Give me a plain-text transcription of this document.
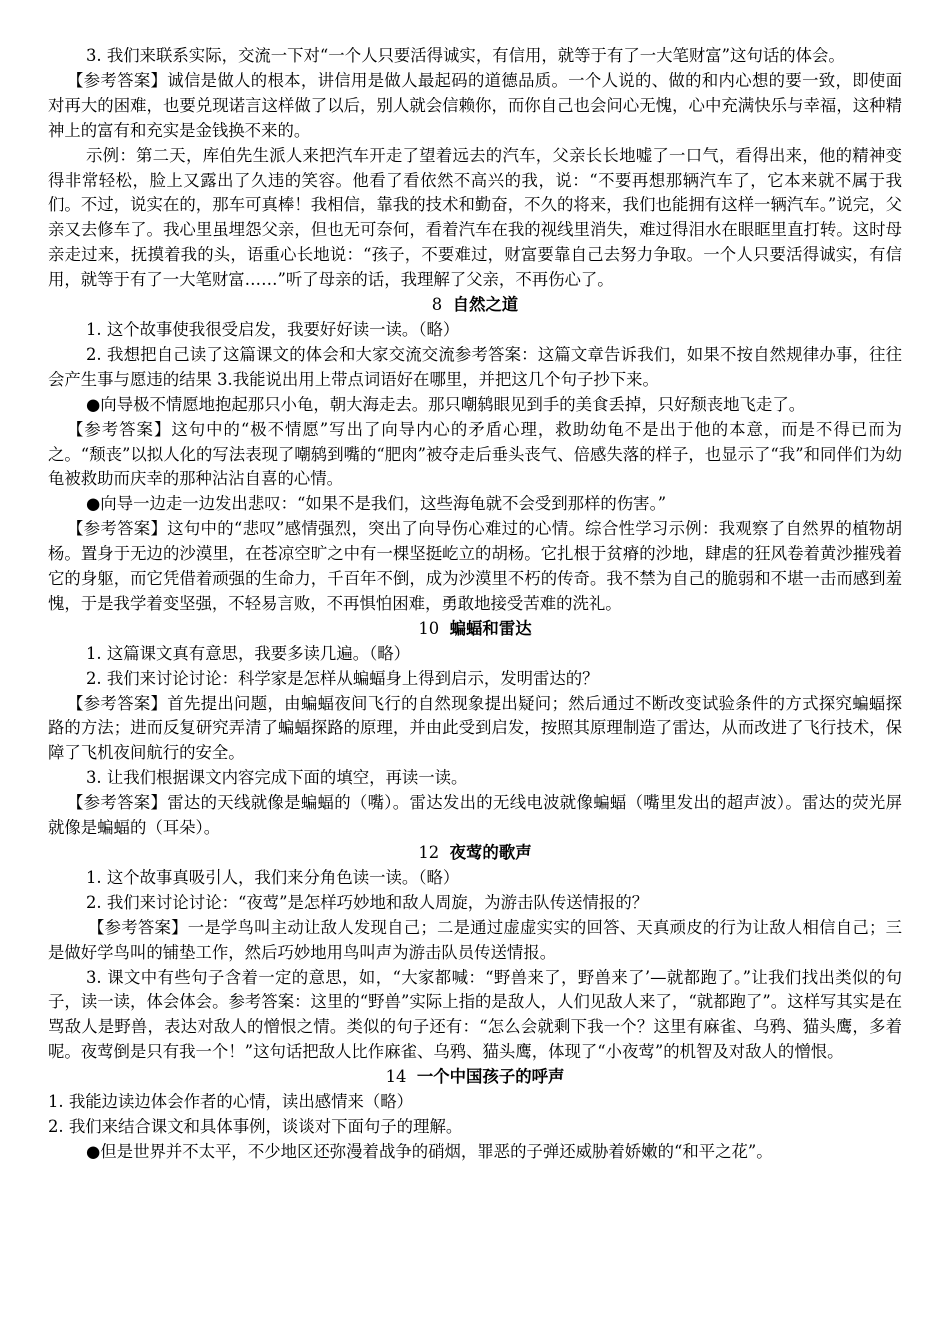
3. 我们来联系实际，交流一下对“一个人只要活得诚实，有信用，就等于有了一大笔财富”这句话的体会。

【参考答案】诚信是做人的根本，讲信用是做人最起码的道德品质。一个人说的、做的和内心想的要一致，即使面对再大的困难，也要兑现诺言这样做了以后，别人就会信赖你，而你自己也会问心无愧，心中充满快乐与幸福，这种精神上的富有和充实是金钱换不来的。

示例：第二天，库伯先生派人来把汽车开走了望着远去的汽车，父亲长长地嘘了一口气，看得出来，他的精神变得非常轻松，脸上又露出了久违的笑容。他看了看依然不高兴的我，说：“不要再想那辆汽车了，它本来就不属于我们。不过，说实在的，那车可真棒！我相信，靠我的技术和勤奋，不久的将来，我们也能拥有这样一辆汽车。”说完，父亲又去修车了。我心里虽埋怨父亲，但也无可奈何，看着汽车在我的视线里消失，难过得泪水在眼眶里直打转。这时母亲走过来，抚摸着我的头，语重心长地说：“孩子，不要难过，财富要靠自己去努力争取。一个人只要活得诚实，有信用，就等于有了一大笔财富……”听了母亲的话，我理解了父亲，不再伤心了。

8 自然之道

1. 这个故事使我很受启发，我要好好读一读。（略）

2. 我想把自己读了这篇课文的体会和大家交流交流参考答案：这篇文章告诉我们，如果不按自然规律办事，往往会产生事与愿违的结果 3.我能说出用上带点词语好在哪里，并把这几个句子抄下来。

●向导极不情愿地抱起那只小龟，朝大海走去。那只嘲鸫眼见到手的美食丢掉，只好颓丧地飞走了。

【参考答案】这句中的“极不情愿”写出了向导内心的矛盾心理，救助幼龟不是出于他的本意，而是不得已而为之。“颓丧”以拟人化的写法表现了嘲鸫到嘴的“肥肉”被夺走后垂头丧气、倍感失落的样子，也显示了“我”和同伴们为幼龟被救助而庆幸的那种沾沾自喜的心情。

●向导一边走一边发出悲叹：“如果不是我们，这些海龟就不会受到那样的伤害。”

【参考答案】这句中的“悲叹”感情强烈，突出了向导伤心难过的心情。综合性学习示例：我观察了自然界的植物胡杨。置身于无边的沙漠里，在苍凉空旷之中有一棵坚挺屹立的胡杨。它扎根于贫瘠的沙地，肆虐的狂风卷着黄沙摧残着它的身躯，而它凭借着顽强的生命力，千百年不倒，成为沙漠里不朽的传奇。我不禁为自己的脆弱和不堪一击而感到羞愧，于是我学着变坚强，不轻易言败，不再惧怕困难，勇敢地接受苦难的洗礼。

10 蝙蝠和雷达

1. 这篇课文真有意思，我要多读几遍。（略）

2. 我们来讨论讨论：科学家是怎样从蝙蝠身上得到启示，发明雷达的？

【参考答案】首先提出问题，由蝙蝠夜间飞行的自然现象提出疑问；然后通过不断改变试验条件的方式探究蝙蝠探路的方法；进而反复研究弄清了蝙蝠探路的原理，并由此受到启发，按照其原理制造了雷达，从而改进了飞行技术，保障了飞机夜间航行的安全。

3. 让我们根据课文内容完成下面的填空，再读一读。

【参考答案】雷达的天线就像是蝙蝠的（嘴）。雷达发出的无线电波就像蝙蝠（嘴里发出的超声波）。雷达的荧光屏就像是蝙蝠的（耳朵）。

12 夜莺的歌声

1. 这个故事真吸引人，我们来分角色读一读。（略）

2. 我们来讨论讨论：“夜莺”是怎样巧妙地和敌人周旋，为游击队传送情报的？

【参考答案】一是学鸟叫主动让敌人发现自己；二是通过虚虚实实的回答、天真顽皮的行为让敌人相信自己；三是做好学鸟叫的铺垫工作，然后巧妙地用鸟叫声为游击队员传送情报。

3. 课文中有些句子含着一定的意思，如，“大家都喊：“野兽来了，野兽来了’—就都跑了。”让我们找出类似的句子，读一读，体会体会。参考答案：这里的“野兽”实际上指的是敌人，人们见敌人来了，“就都跑了”。这样写其实是在骂敌人是野兽，表达对敌人的憎恨之情。类似的句子还有：“怎么会就剩下我一个？这里有麻雀、乌鸦、猫头鹰，多着呢。夜莺倒是只有我一个！”这句话把敌人比作麻雀、乌鸦、猫头鹰，体现了“小夜莺”的机智及对敌人的憎恨。

14 一个中国孩子的呼声

1. 我能边读边体会作者的心情，读出感情来（略）

2. 我们来结合课文和具体事例，谈谈对下面句子的理解。

●但是世界并不太平，不少地区还弥漫着战争的硝烟，罪恶的子弹还威胁着娇嫩的“和平之花”。
